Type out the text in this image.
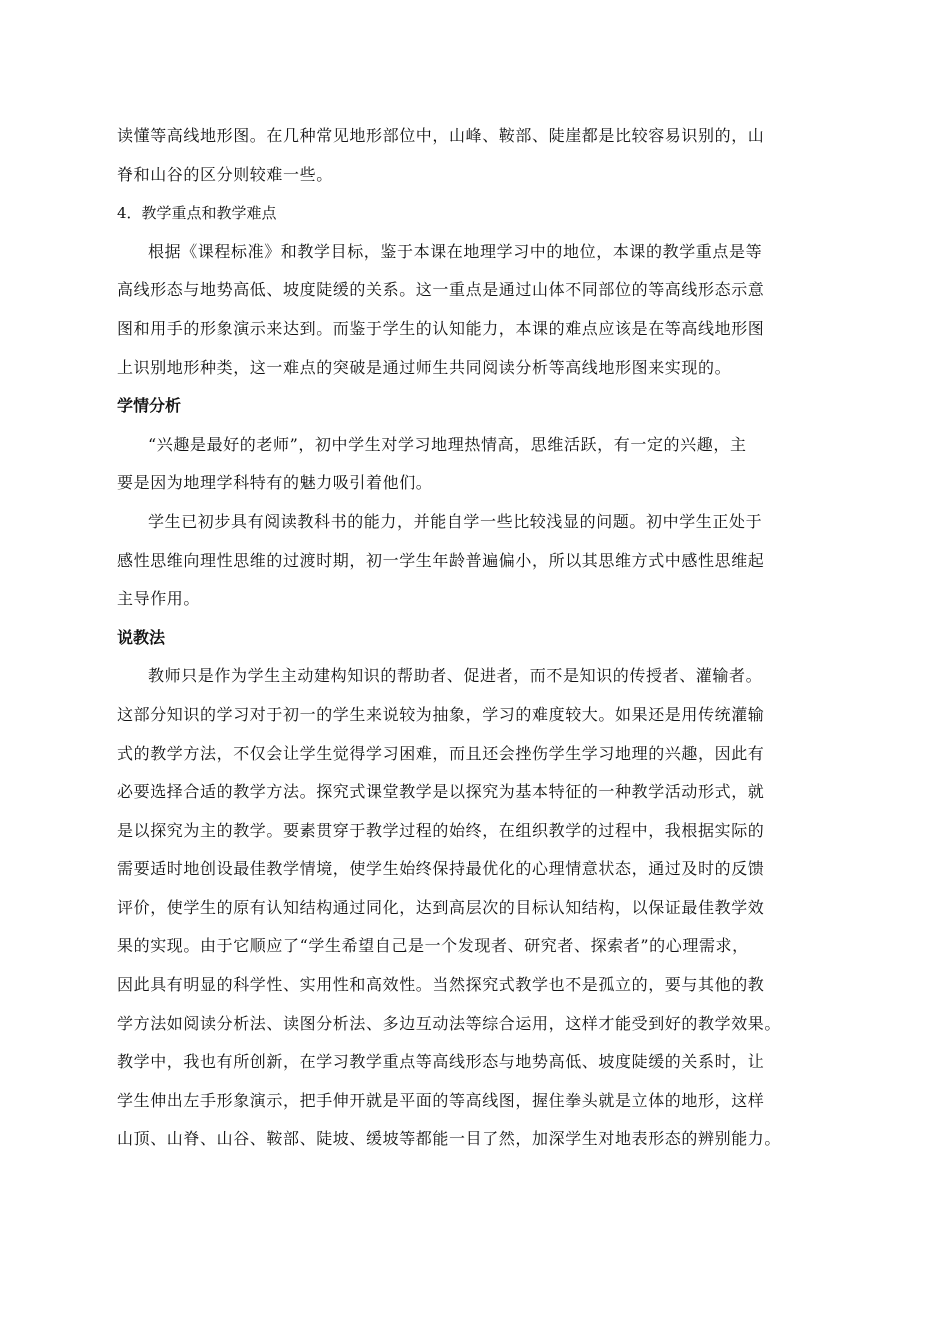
读懂等高线地形图。在几种常见地形部位中，山峰、鞍部、陡崖都是比较容易识别的，山
脊和山谷的区分则较难一些。
4．教学重点和教学难点
根据《课程标准》和教学目标，鉴于本课在地理学习中的地位，本课的教学重点是等
高线形态与地势高低、坡度陡缓的关系。这一重点是通过山体不同部位的等高线形态示意
图和用手的形象演示来达到。而鉴于学生的认知能力，本课的难点应该是在等高线地形图
上识别地形种类，这一难点的突破是通过师生共同阅读分析等高线地形图来实现的。
学情分析
“兴趣是最好的老师”，初中学生对学习地理热情高，思维活跃，有一定的兴趣，主
要是因为地理学科特有的魅力吸引着他们。
学生已初步具有阅读教科书的能力，并能自学一些比较浅显的问题。初中学生正处于
感性思维向理性思维的过渡时期，初一学生年龄普遍偏小，所以其思维方式中感性思维起
主导作用。
说教法
教师只是作为学生主动建构知识的帮助者、促进者，而不是知识的传授者、灌输者。
这部分知识的学习对于初一的学生来说较为抽象，学习的难度较大。如果还是用传统灌输
式的教学方法，不仅会让学生觉得学习困难，而且还会挫伤学生学习地理的兴趣，因此有
必要选择合适的教学方法。探究式课堂教学是以探究为基本特征的一种教学活动形式，就
是以探究为主的教学。要素贯穿于教学过程的始终，在组织教学的过程中，我根据实际的
需要适时地创设最佳教学情境，使学生始终保持最优化的心理情意状态，通过及时的反馈
评价，使学生的原有认知结构通过同化，达到高层次的目标认知结构，以保证最佳教学效
果的实现。由于它顺应了“学生希望自己是一个发现者、研究者、探索者”的心理需求，
因此具有明显的科学性、实用性和高效性。当然探究式教学也不是孤立的，要与其他的教
学方法如阅读分析法、读图分析法、多边互动法等综合运用，这样才能受到好的教学效果。
教学中，我也有所创新，在学习教学重点等高线形态与地势高低、坡度陡缓的关系时，让
学生伸出左手形象演示，把手伸开就是平面的等高线图，握住拳头就是立体的地形，这样
山顶、山脊、山谷、鞍部、陡坡、缓坡等都能一目了然，加深学生对地表形态的辨别能力。
